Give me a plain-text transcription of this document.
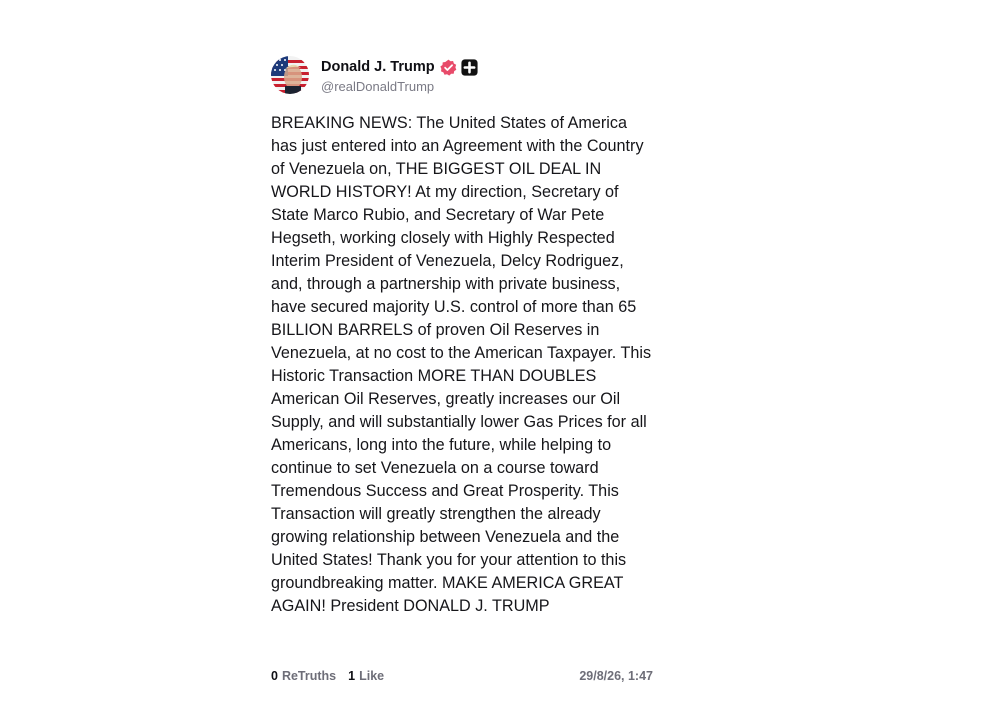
Donald J. Trump
@realDonaldTrump
BREAKING NEWS: The United States of America has just entered into an Agreement with the Country of Venezuela on, THE BIGGEST OIL DEAL IN WORLD HISTORY! At my direction, Secretary of State Marco Rubio, and Secretary of War Pete Hegseth, working closely with Highly Respected Interim President of Venezuela, Delcy Rodriguez, and, through a partnership with private business, have secured majority U.S. control of more than 65 BILLION BARRELS of proven Oil Reserves in Venezuela, at no cost to the American Taxpayer. This Historic Transaction MORE THAN DOUBLES American Oil Reserves, greatly increases our Oil Supply, and will substantially lower Gas Prices for all Americans, long into the future, while helping to continue to set Venezuela on a course toward Tremendous Success and Great Prosperity. This Transaction will greatly strengthen the already growing relationship between Venezuela and the United States! Thank you for your attention to this groundbreaking matter. MAKE AMERICA GREAT AGAIN! President DONALD J. TRUMP
0 ReTruths 1 Like	29/8/26, 1:47
